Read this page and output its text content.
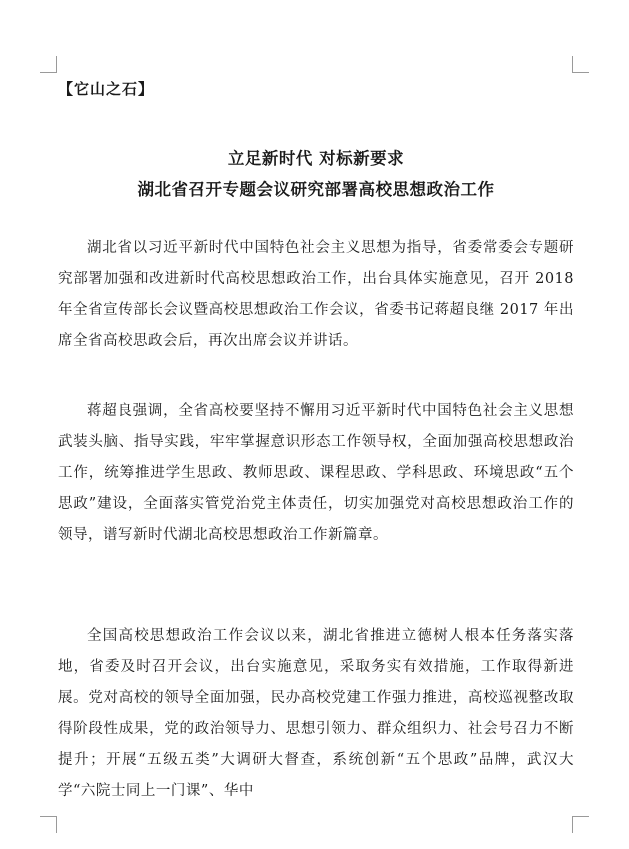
【它山之石】
立足新时代 对标新要求
湖北省召开专题会议研究部署高校思想政治工作
湖北省以习近平新时代中国特色社会主义思想为指导，省委常委会专题研究部署加强和改进新时代高校思想政治工作，出台具体实施意见，召开 2018 年全省宣传部长会议暨高校思想政治工作会议，省委书记蒋超良继 2017 年出席全省高校思政会后，再次出席会议并讲话。
蒋超良强调，全省高校要坚持不懈用习近平新时代中国特色社会主义思想武装头脑、指导实践，牢牢掌握意识形态工作领导权，全面加强高校思想政治工作，统筹推进学生思政、教师思政、课程思政、学科思政、环境思政“五个思政”建设，全面落实管党治党主体责任，切实加强党对高校思想政治工作的领导，谱写新时代湖北高校思想政治工作新篇章。
全国高校思想政治工作会议以来，湖北省推进立德树人根本任务落实落地，省委及时召开会议，出台实施意见，采取务实有效措施，工作取得新进展。党对高校的领导全面加强，民办高校党建工作强力推进，高校巡视整改取得阶段性成果，党的政治领导力、思想引领力、群众组织力、社会号召力不断提升；开展“五级五类”大调研大督查，系统创新“五个思政”品牌，武汉大学“六院士同上一门课”、华中
